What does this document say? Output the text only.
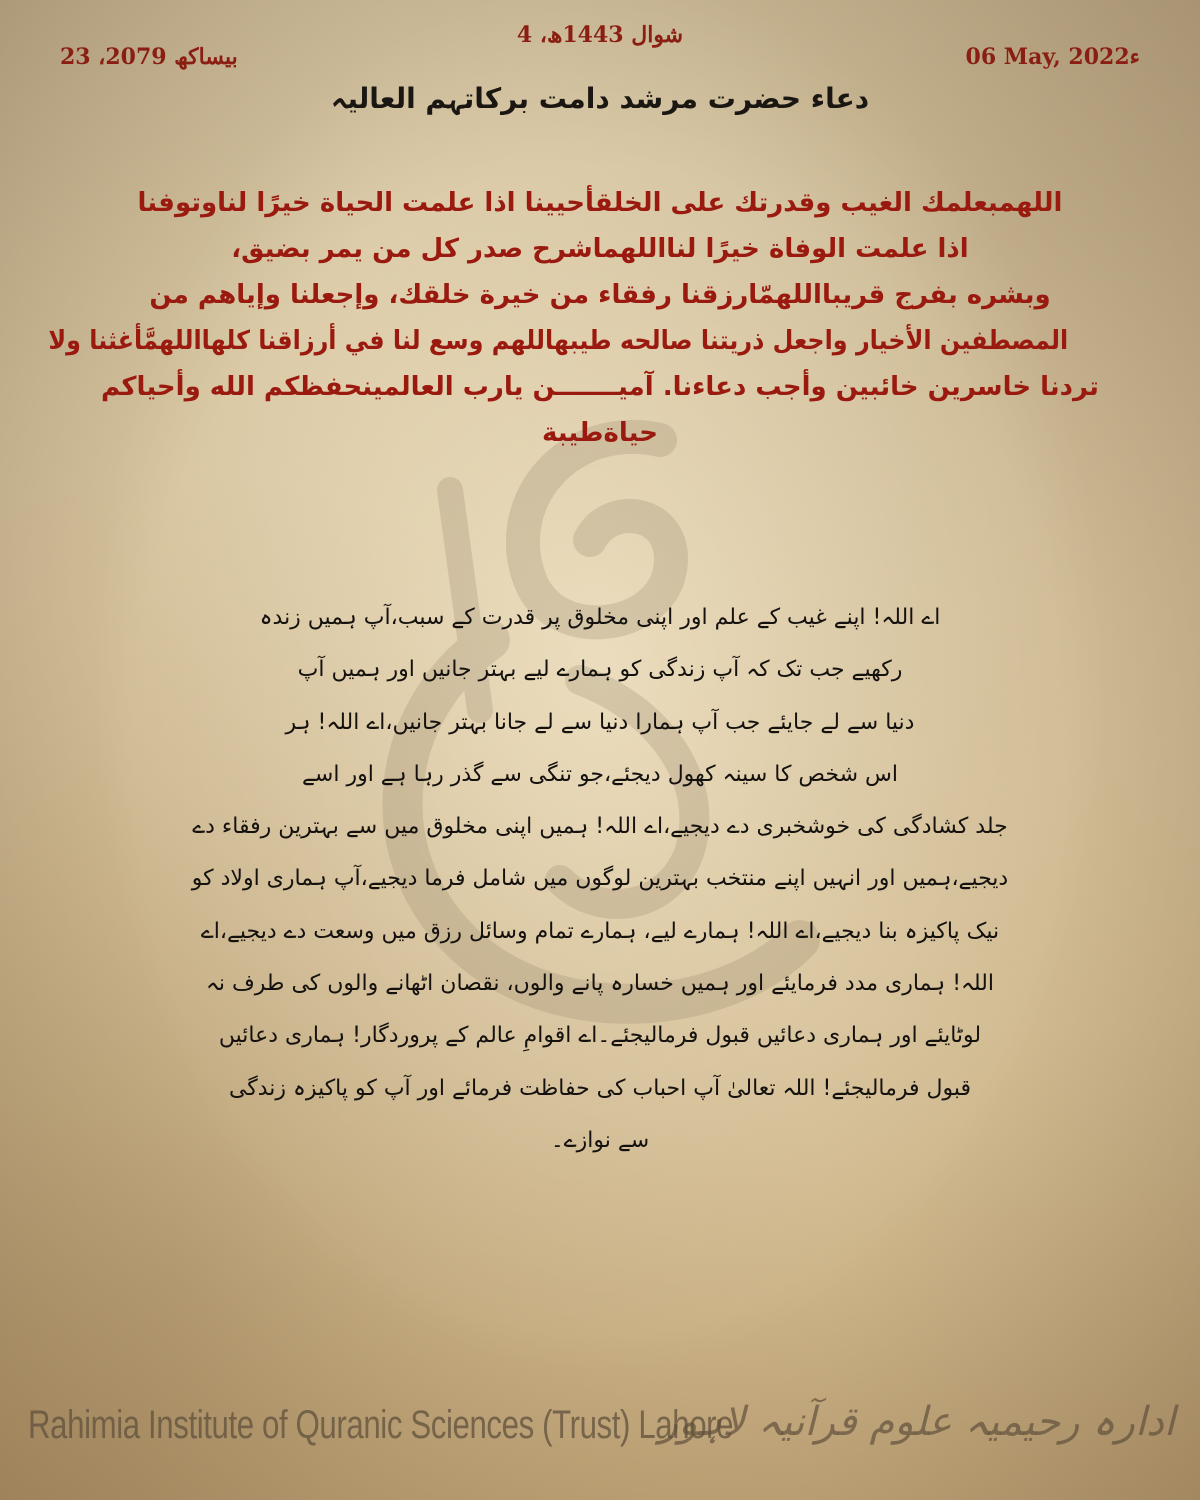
4 ،شوال 1443ھ
23 ،بیساکھ 2079	06 May, 2022ء
دعاء حضرت مرشد دامت برکاتہم العالیہ
اللهمبعلمك الغيب وقدرتك على الخلقأحيينا اذا علمت الحياة خيرًا لناوتوفنا
اذا علمت الوفاة خيرًا لنااللهماشرح صدر كل من يمر بضيق،
وبشره بفرج قريبااللهمّارزقنا رفقاء من خيرة خلقك، وإجعلنا وإياهم من
المصطفين الأخيار واجعل ذريتنا صالحه طيبهاللهم وسع لنا في أرزاقنا كلهااللهمَّأغثنا ولا
تردنا خاسرين خائبين وأجب دعاءنا. آميـــــــن يارب العالمينحفظكم الله وأحياكم
حياةطيبة
اے اللہ! اپنے غیب کے علم اور اپنی مخلوق پر قدرت کے سبب،آپ ہمیں زندہ
رکھیے جب تک کہ آپ زندگی کو ہمارے لیے بہتر جانیں اور ہمیں آپ
دنیا سے لے جایئے جب آپ ہمارا دنیا سے لے جانا بہتر جانیں،اے اللہ! ہر
اس شخص کا سینہ کھول دیجئے،جو تنگی سے گذر رہا ہے اور اسے
جلد کشادگی کی خوشخبری دے دیجیے،اے اللہ! ہمیں اپنی مخلوق میں سے بہترین رفقاء دے
دیجیے،ہمیں اور انہیں اپنے منتخب بہترین لوگوں میں شامل فرما دیجیے،آپ ہماری اولاد کو
نیک پاکیزہ بنا دیجیے،اے اللہ! ہمارے لیے، ہمارے تمام وسائل رزق میں وسعت دے دیجیے،اے
اللہ! ہماری مدد فرمایئے اور ہمیں خسارہ پانے والوں، نقصان اٹھانے والوں کی طرف نہ
لوٹایئے اور ہماری دعائیں قبول فرمالیجئے۔اے اقوامِ عالم کے پروردگار! ہماری دعائیں
قبول فرمالیجئے! اللہ تعالیٰ آپ احباب کی حفاظت فرمائے اور آپ کو پاکیزہ زندگی
سے نوازے۔
Rahimia Institute of Quranic Sciences (Trust) Lahore
ادارہ رحیمیہ علوم قرآنیہ لاہور
